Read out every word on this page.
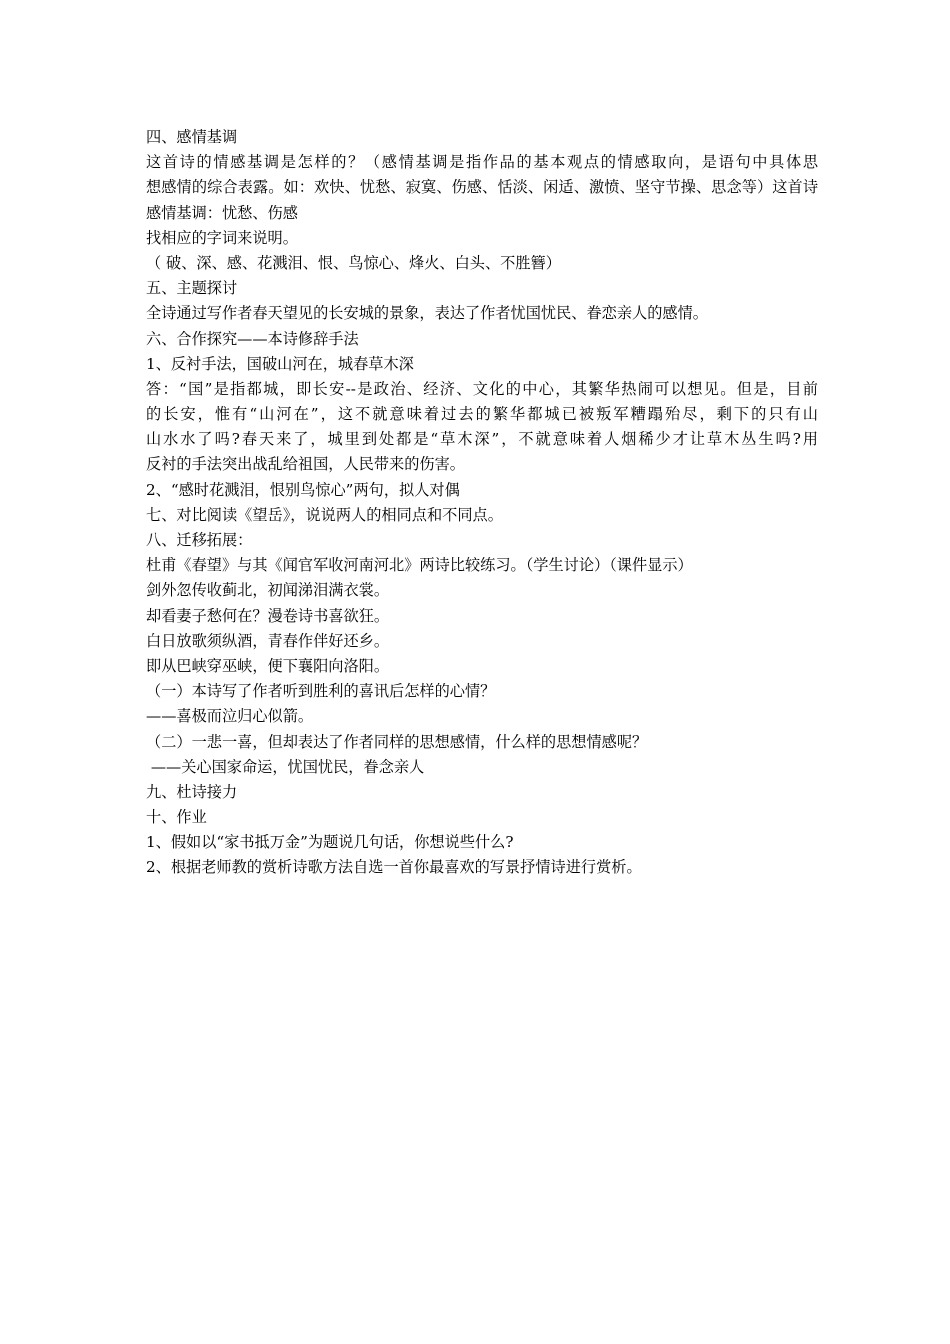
四、感情基调
这首诗的情感基调是怎样的？（感情基调是指作品的基本观点的情感取向，是语句中具体思
想感情的综合表露。如：欢快、忧愁、寂寞、伤感、恬淡、闲适、激愤、坚守节操、思念等）这首诗
感情基调：忧愁、伤感
找相应的字词来说明。
（ 破、深、感、花溅泪、恨、鸟惊心、烽火、白头、不胜簪）
五、主题探讨
全诗通过写作者春天望见的长安城的景象，表达了作者忧国忧民、眷恋亲人的感情。
六、合作探究——本诗修辞手法
1、反衬手法，国破山河在，城春草木深
答：“国”是指都城，即长安--是政治、经济、文化的中心，其繁华热闹可以想见。但是，目前
的长安，惟有“山河在”，这不就意味着过去的繁华都城已被叛军糟蹋殆尽，剩下的只有山
山水水了吗?春天来了，城里到处都是“草木深”，不就意味着人烟稀少才让草木丛生吗?用
反衬的手法突出战乱给祖国，人民带来的伤害。
2、“感时花溅泪，恨别鸟惊心”两句，拟人对偶
七、对比阅读《望岳》，说说两人的相同点和不同点。
八、迁移拓展：
杜甫《春望》与其《闻官军收河南河北》两诗比较练习。（学生讨论）（课件显示）
剑外忽传收蓟北，初闻涕泪满衣裳。
却看妻子愁何在？漫卷诗书喜欲狂。
白日放歌须纵酒，青春作伴好还乡。
即从巴峡穿巫峡，便下襄阳向洛阳。
（一）本诗写了作者听到胜利的喜讯后怎样的心情？
——喜极而泣归心似箭。
（二）一悲一喜，但却表达了作者同样的思想感情，什么样的思想情感呢？
——关心国家命运，忧国忧民，眷念亲人
九、杜诗接力
十、作业
1、假如以“家书抵万金”为题说几句话，你想说些什么?
2、根据老师教的赏析诗歌方法自选一首你最喜欢的写景抒情诗进行赏析。
